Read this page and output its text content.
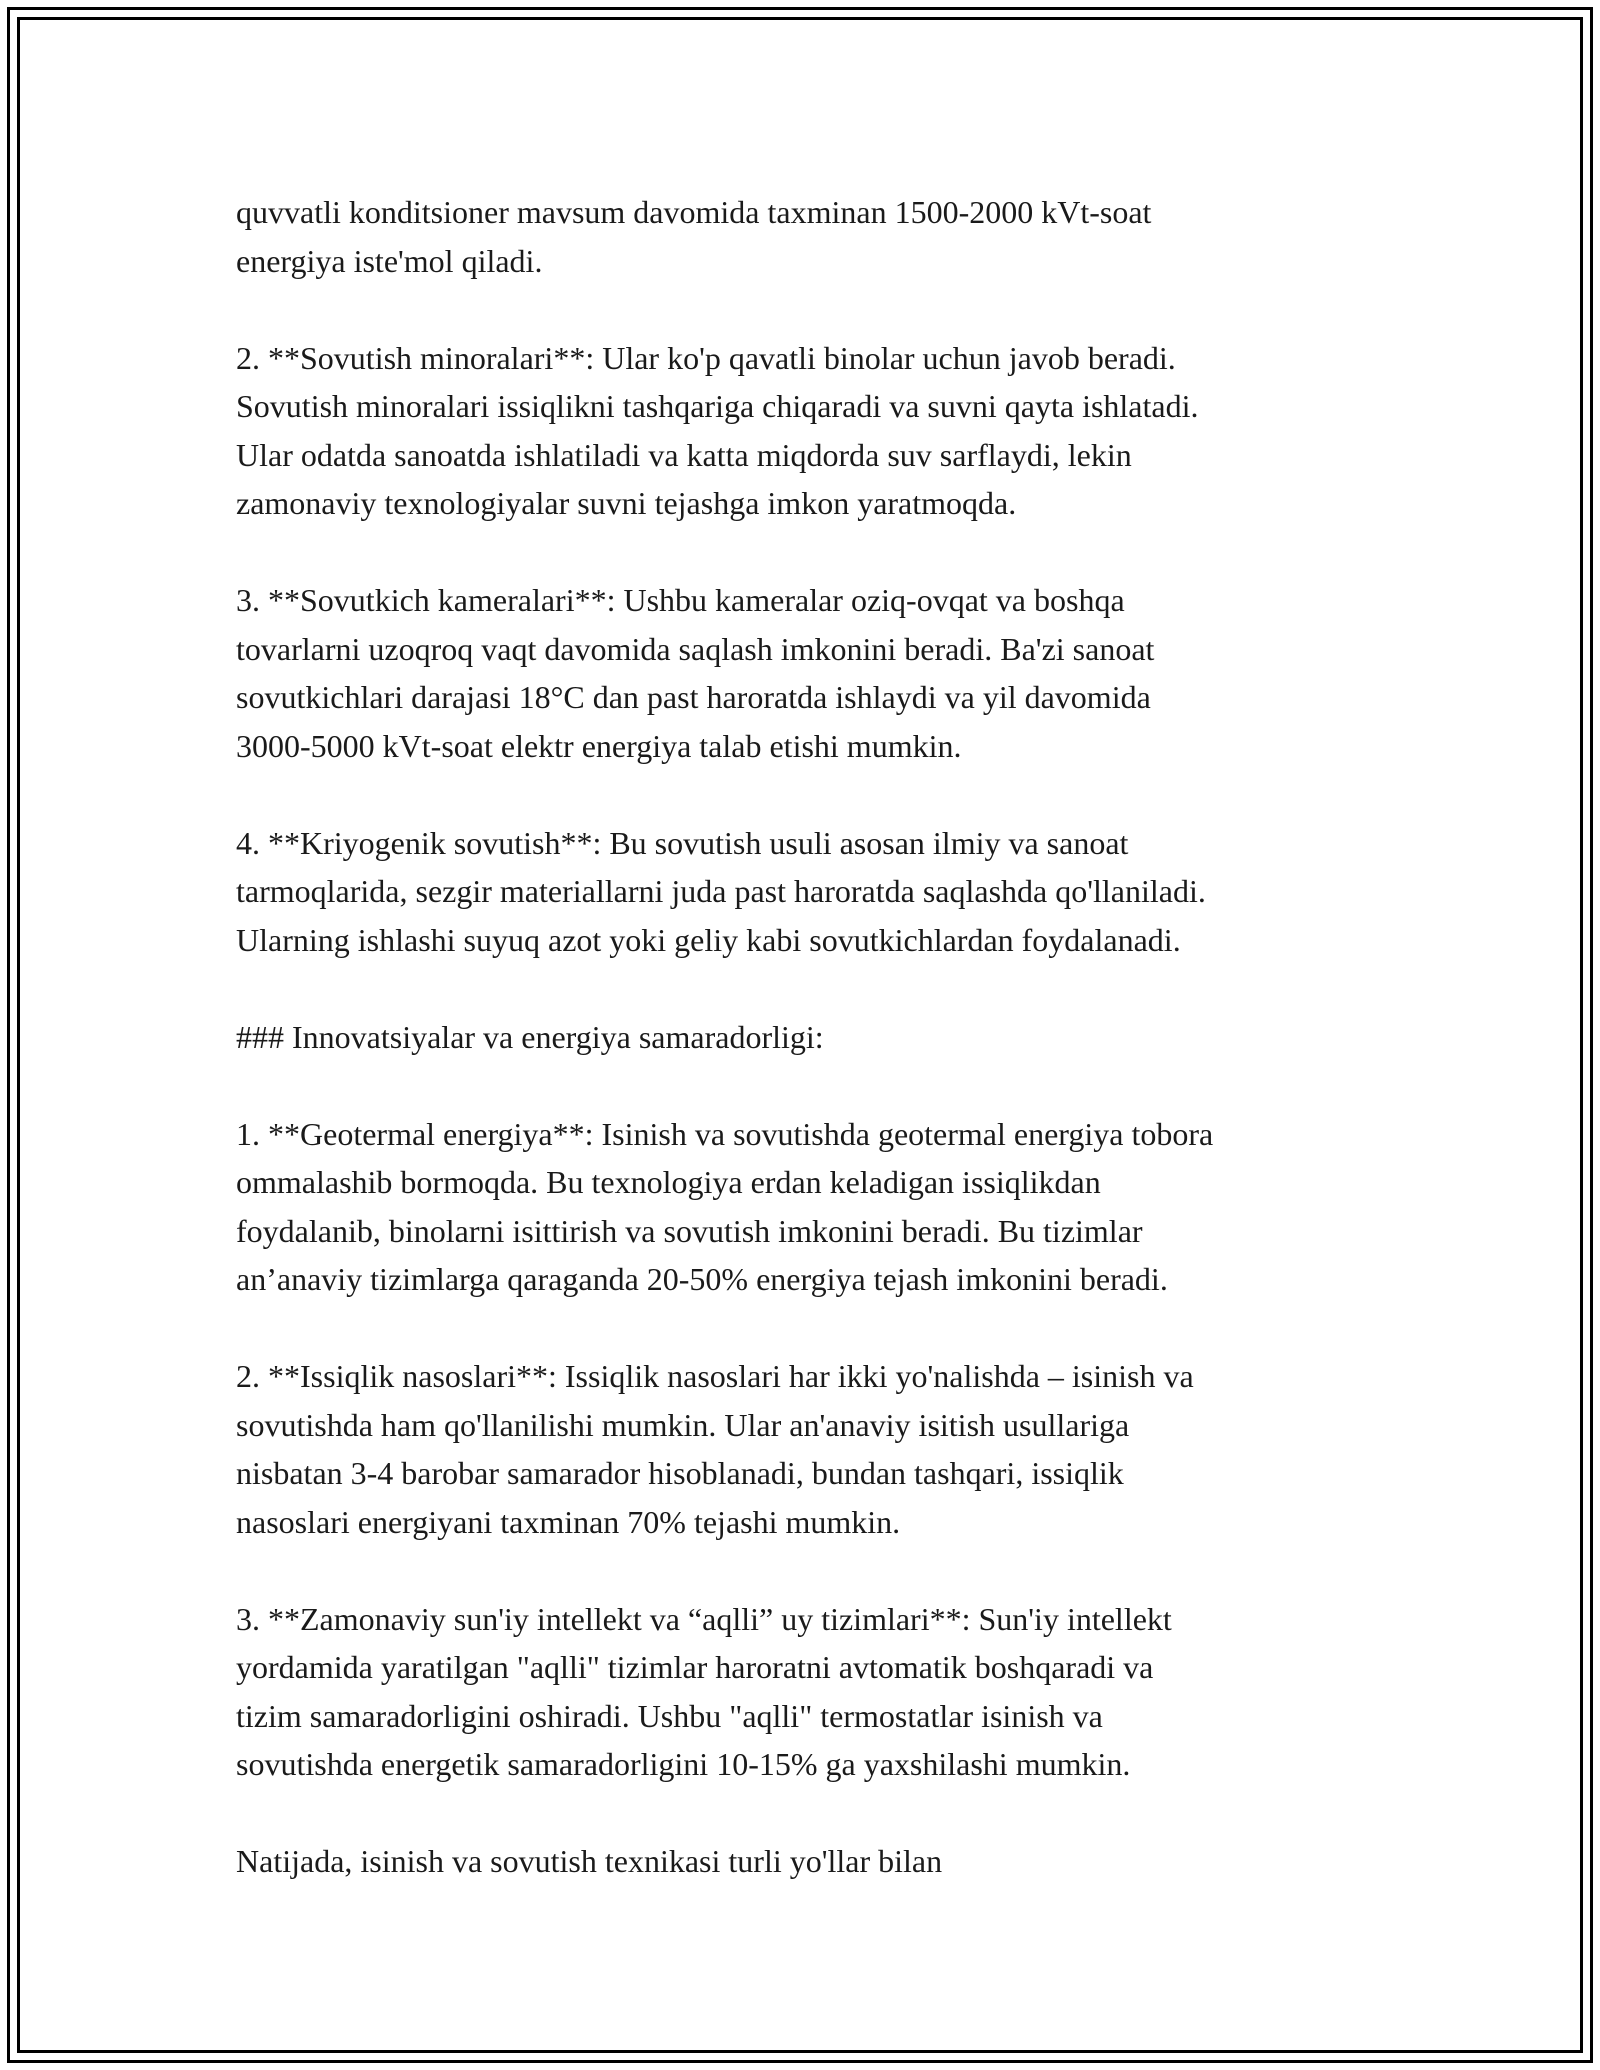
quvvatli konditsioner mavsum davomida taxminan 1500-2000 kVt-soat
energiya iste'mol qiladi.

2. **Sovutish minoralari**: Ular ko'p qavatli binolar uchun javob beradi.
Sovutish minoralari issiqlikni tashqariga chiqaradi va suvni qayta ishlatadi.
Ular odatda sanoatda ishlatiladi va katta miqdorda suv sarflaydi, lekin
zamonaviy texnologiyalar suvni tejashga imkon yaratmoqda.

3. **Sovutkich kameralari**: Ushbu kameralar oziq-ovqat va boshqa
tovarlarni uzoqroq vaqt davomida saqlash imkonini beradi. Ba'zi sanoat
sovutkichlari darajasi 18°C dan past haroratda ishlaydi va yil davomida
3000-5000 kVt-soat elektr energiya talab etishi mumkin.

4. **Kriyogenik sovutish**: Bu sovutish usuli asosan ilmiy va sanoat
tarmoqlarida, sezgir materiallarni juda past haroratda saqlashda qo'llaniladi.
Ularning ishlashi suyuq azot yoki geliy kabi sovutkichlardan foydalanadi.

### Innovatsiyalar va energiya samaradorligi:

1. **Geotermal energiya**: Isinish va sovutishda geotermal energiya tobora
ommalashib bormoqda. Bu texnologiya erdan keladigan issiqlikdan
foydalanib, binolarni isittirish va sovutish imkonini beradi. Bu tizimlar
an’anaviy tizimlarga qaraganda 20-50% energiya tejash imkonini beradi.

2. **Issiqlik nasoslari**: Issiqlik nasoslari har ikki yo'nalishda – isinish va
sovutishda ham qo'llanilishi mumkin. Ular an'anaviy isitish usullariga
nisbatan 3-4 barobar samarador hisoblanadi, bundan tashqari, issiqlik
nasoslari energiyani taxminan 70% tejashi mumkin.

3. **Zamonaviy sun'iy intellekt va “aqlli” uy tizimlari**: Sun'iy intellekt
yordamida yaratilgan "aqlli" tizimlar haroratni avtomatik boshqaradi va
tizim samaradorligini oshiradi. Ushbu "aqlli" termostatlar isinish va
sovutishda energetik samaradorligini 10-15% ga yaxshilashi mumkin.

Natijada, isinish va sovutish texnikasi turli yo'llar bilan
